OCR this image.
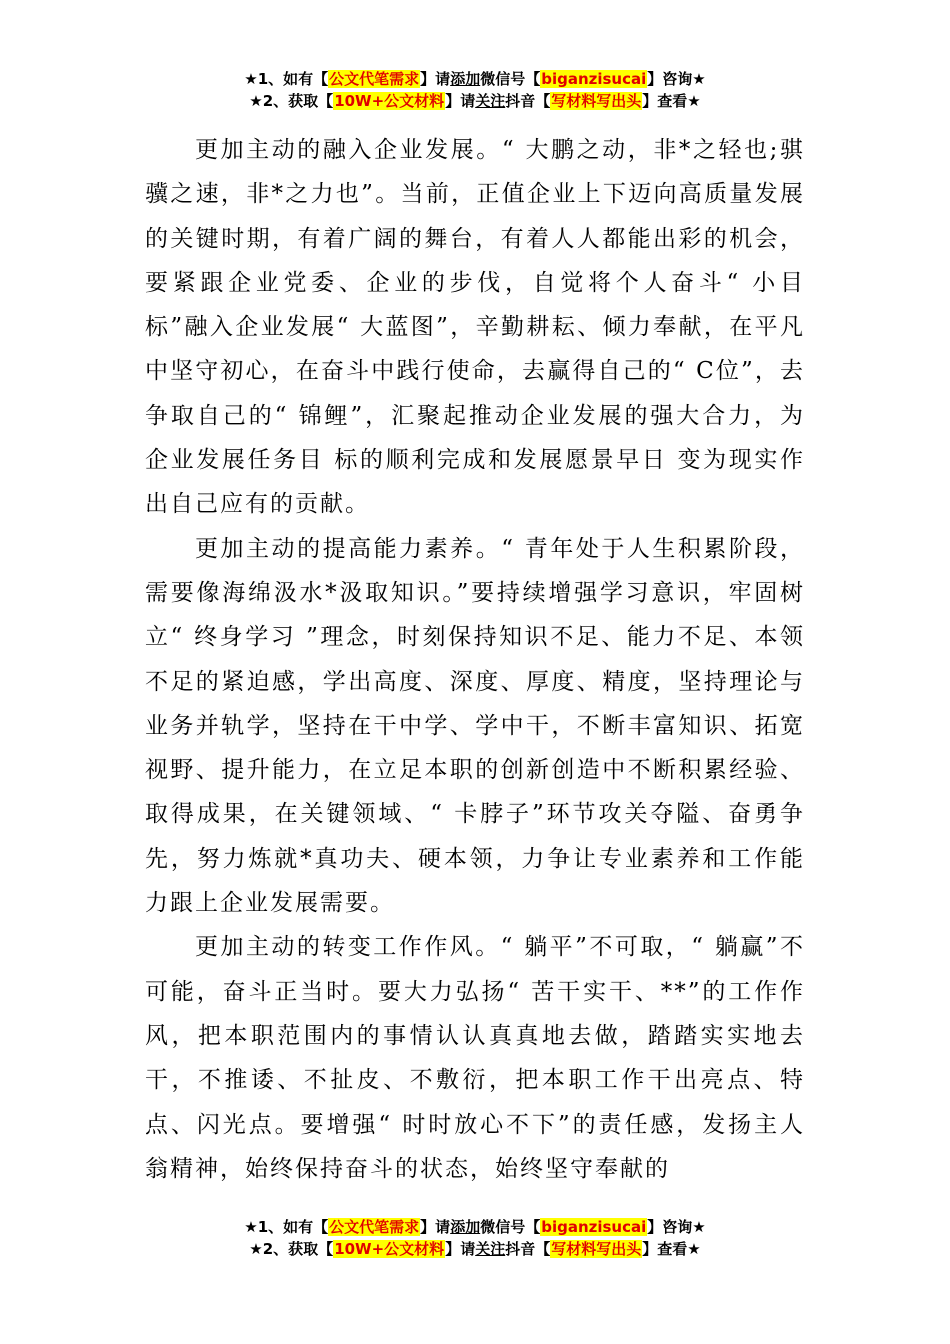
★1、如有【公文代笔需求】请添加微信号【biganzisucai】咨询★
★2、获取【10W+公文材料】请关注抖音【写材料写出头】查看★

更加主动的融入企业发展。“ 大鹏之动，非*之轻也;骐骥之速，非*之力也”。当前，正值企业上下迈向高质量发展的关键时期，有着广阔的舞台，有着人人都能出彩的机会，要紧跟企业党委、企业的步伐，自觉将个人奋斗“ 小目 标”融入企业发展“ 大蓝图”，辛勤耕耘、倾力奉献，在平凡中坚守初心，在奋斗中践行使命，去赢得自己的“ C位”，去争取自己的“ 锦鲤”，汇聚起推动企业发展的强大合力，为企业发展任务目 标的顺利完成和发展愿景早日 变为现实作出自己应有的贡献。

更加主动的提高能力素养。“ 青年处于人生积累阶段，需要像海绵汲水*汲取知识。”要持续增强学习意识，牢固树立“ 终身学习 ”理念，时刻保持知识不足、能力不足、本领不足的紧迫感，学出高度、深度、厚度、精度，坚持理论与业务并轨学，坚持在干中学、学中干，不断丰富知识、拓宽视野、提升能力，在立足本职的创新创造中不断积累经验、取得成果，在关键领域、“ 卡脖子”环节攻关夺隘、奋勇争先，努力炼就*真功夫、硬本领，力争让专业素养和工作能力跟上企业发展需要。

更加主动的转变工作作风。“ 躺平”不可取，“ 躺赢”不可能，奋斗正当时。要大力弘扬“ 苦干实干、**”的工作作风，把本职范围内的事情认认真真地去做，踏踏实实地去干，不推诿、不扯皮、不敷衍，把本职工作干出亮点、特点、闪光点。要增强“ 时时放心不下”的责任感，发扬主人翁精神，始终保持奋斗的状态，始终坚守奉献的

★1、如有【公文代笔需求】请添加微信号【biganzisucai】咨询★
★2、获取【10W+公文材料】请关注抖音【写材料写出头】查看★
